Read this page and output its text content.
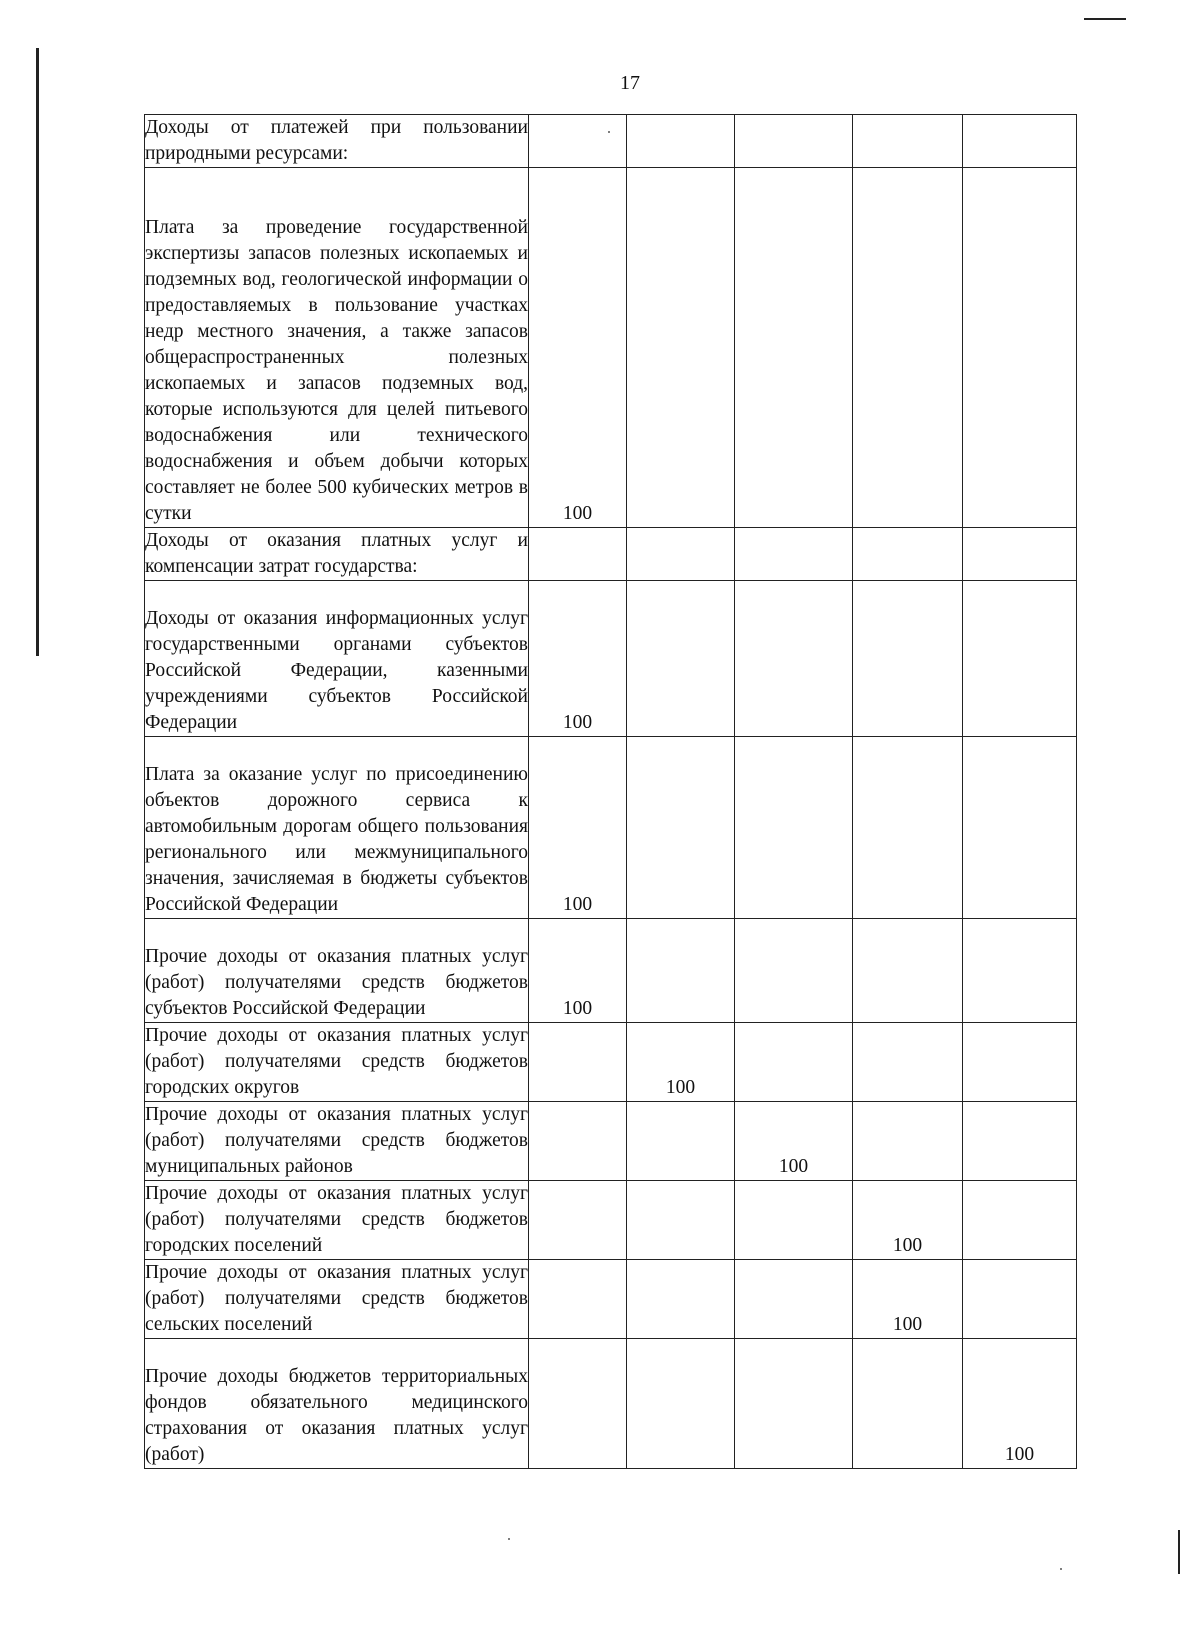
17
Доходы от платежей при пользовании природными ресурсами:					
Плата за проведение государственной экспертизы запасов полезных ископаемых и подземных вод, геологической информации о предоставляемых в пользование участках недр местного значения, а также запасов общераспространенных полезных ископаемых и запасов подземных вод, которые используются для целей питьевого водоснабжения или технического водоснабжения и объем добычи которых составляет не более 500 кубических метров в сутки	100				
Доходы от оказания платных услуг и компенсации затрат государства:					
Доходы от оказания информационных услуг государственными органами субъектов Российской Федерации, казенными учреждениями субъектов Российской Федерации	100				
Плата за оказание услуг по присоединению объектов дорожного сервиса к автомобильным дорогам общего пользования регионального или межмуниципального значения, зачисляемая в бюджеты субъектов Российской Федерации	100				
Прочие доходы от оказания платных услуг (работ) получателями средств бюджетов субъектов Российской Федерации	100				
Прочие доходы от оказания платных услуг (работ) получателями средств бюджетов городских округов		100			
Прочие доходы от оказания платных услуг (работ) получателями средств бюджетов муниципальных районов			100		
Прочие доходы от оказания платных услуг (работ) получателями средств бюджетов городских поселений				100	
Прочие доходы от оказания платных услуг (работ) получателями средств бюджетов сельских поселений				100	
Прочие доходы бюджетов территориальных фондов обязательного медицинского страхования от оказания платных услуг (работ)					100
